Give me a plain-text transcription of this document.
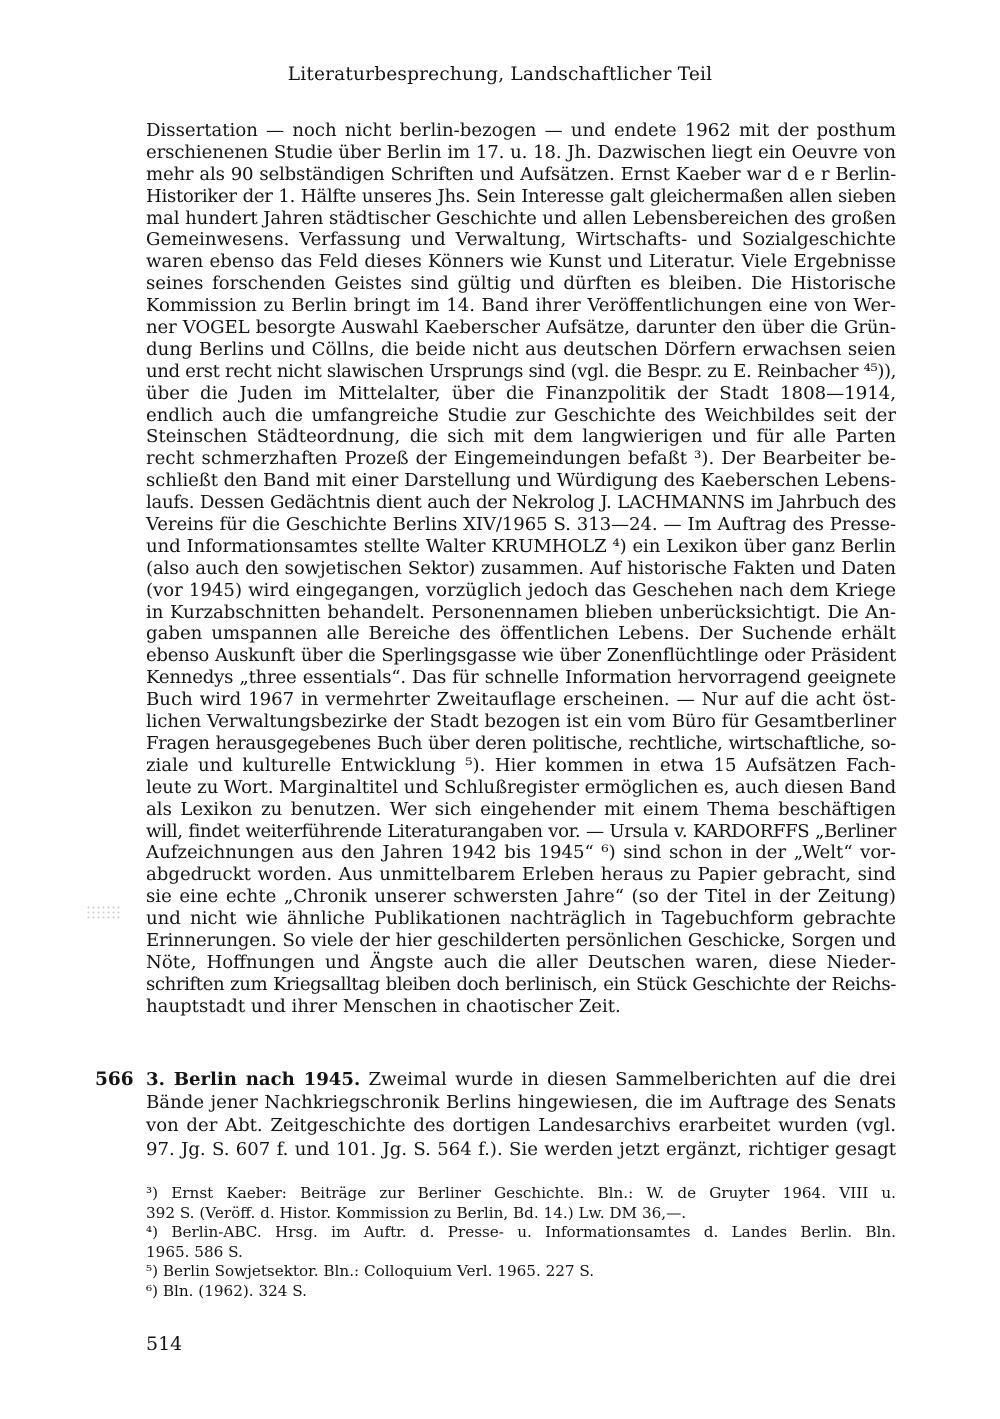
Literaturbesprechung, Landschaftlicher Teil
Dissertation — noch nicht berlin-bezogen — und endete 1962 mit der posthum
erschienenen Studie über Berlin im 17. u. 18. Jh. Dazwischen liegt ein Oeuvre von
mehr als 90 selbständigen Schriften und Aufsätzen. Ernst Kaeber war d e r Berlin-
Historiker der 1. Hälfte unseres Jhs. Sein Interesse galt gleichermaßen allen sieben
mal hundert Jahren städtischer Geschichte und allen Lebensbereichen des großen
Gemeinwesens. Verfassung und Verwaltung, Wirtschafts- und Sozialgeschichte
waren ebenso das Feld dieses Könners wie Kunst und Literatur. Viele Ergebnisse
seines forschenden Geistes sind gültig und dürften es bleiben. Die Historische
Kommission zu Berlin bringt im 14. Band ihrer Veröffentlichungen eine von Wer-
ner VOGEL besorgte Auswahl Kaeberscher Aufsätze, darunter den über die Grün-
dung Berlins und Cöllns, die beide nicht aus deutschen Dörfern erwachsen seien
und erst recht nicht slawischen Ursprungs sind (vgl. die Bespr. zu E. Reinbacher ⁴⁵)),
über die Juden im Mittelalter, über die Finanzpolitik der Stadt 1808—1914,
endlich auch die umfangreiche Studie zur Geschichte des Weichbildes seit der
Steinschen Städteordnung, die sich mit dem langwierigen und für alle Parten
recht schmerzhaften Prozeß der Eingemeindungen befaßt ³). Der Bearbeiter be-
schließt den Band mit einer Darstellung und Würdigung des Kaeberschen Lebens-
laufs. Dessen Gedächtnis dient auch der Nekrolog J. LACHMANNS im Jahrbuch des
Vereins für die Geschichte Berlins XIV/1965 S. 313—24. — Im Auftrag des Presse-
und Informationsamtes stellte Walter KRUMHOLZ ⁴) ein Lexikon über ganz Berlin
(also auch den sowjetischen Sektor) zusammen. Auf historische Fakten und Daten
(vor 1945) wird eingegangen, vorzüglich jedoch das Geschehen nach dem Kriege
in Kurzabschnitten behandelt. Personennamen blieben unberücksichtigt. Die An-
gaben umspannen alle Bereiche des öffentlichen Lebens. Der Suchende erhält
ebenso Auskunft über die Sperlingsgasse wie über Zonenflüchtlinge oder Präsident
Kennedys „three essentials“. Das für schnelle Information hervorragend geeignete
Buch wird 1967 in vermehrter Zweitauflage erscheinen. — Nur auf die acht öst-
lichen Verwaltungsbezirke der Stadt bezogen ist ein vom Büro für Gesamtberliner
Fragen herausgegebenes Buch über deren politische, rechtliche, wirtschaftliche, so-
ziale und kulturelle Entwicklung ⁵). Hier kommen in etwa 15 Aufsätzen Fach-
leute zu Wort. Marginaltitel und Schlußregister ermöglichen es, auch diesen Band
als Lexikon zu benutzen. Wer sich eingehender mit einem Thema beschäftigen
will, findet weiterführende Literaturangaben vor. — Ursula v. KARDORFFS „Berliner
Aufzeichnungen aus den Jahren 1942 bis 1945“ ⁶) sind schon in der „Welt“ vor-
abgedruckt worden. Aus unmittelbarem Erleben heraus zu Papier gebracht, sind
sie eine echte „Chronik unserer schwersten Jahre“ (so der Titel in der Zeitung)
und nicht wie ähnliche Publikationen nachträglich in Tagebuchform gebrachte
Erinnerungen. So viele der hier geschilderten persönlichen Geschicke, Sorgen und
Nöte, Hoffnungen und Ängste auch die aller Deutschen waren, diese Nieder-
schriften zum Kriegsalltag bleiben doch berlinisch, ein Stück Geschichte der Reichs-
hauptstadt und ihrer Menschen in chaotischer Zeit.
566 3. Berlin nach 1945. Zweimal wurde in diesen Sammelberichten auf die drei
Bände jener Nachkriegschronik Berlins hingewiesen, die im Auftrage des Senats
von der Abt. Zeitgeschichte des dortigen Landesarchivs erarbeitet wurden (vgl.
97. Jg. S. 607 f. und 101. Jg. S. 564 f.). Sie werden jetzt ergänzt, richtiger gesagt
³) Ernst Kaeber: Beiträge zur Berliner Geschichte. Bln.: W. de Gruyter 1964. VIII u.
392 S. (Veröff. d. Histor. Kommission zu Berlin, Bd. 14.) Lw. DM 36,—.
⁴) Berlin-ABC. Hrsg. im Auftr. d. Presse- u. Informationsamtes d. Landes Berlin. Bln.
1965. 586 S.
⁵) Berlin Sowjetsektor. Bln.: Colloquium Verl. 1965. 227 S.
⁶) Bln. (1962). 324 S.
514
